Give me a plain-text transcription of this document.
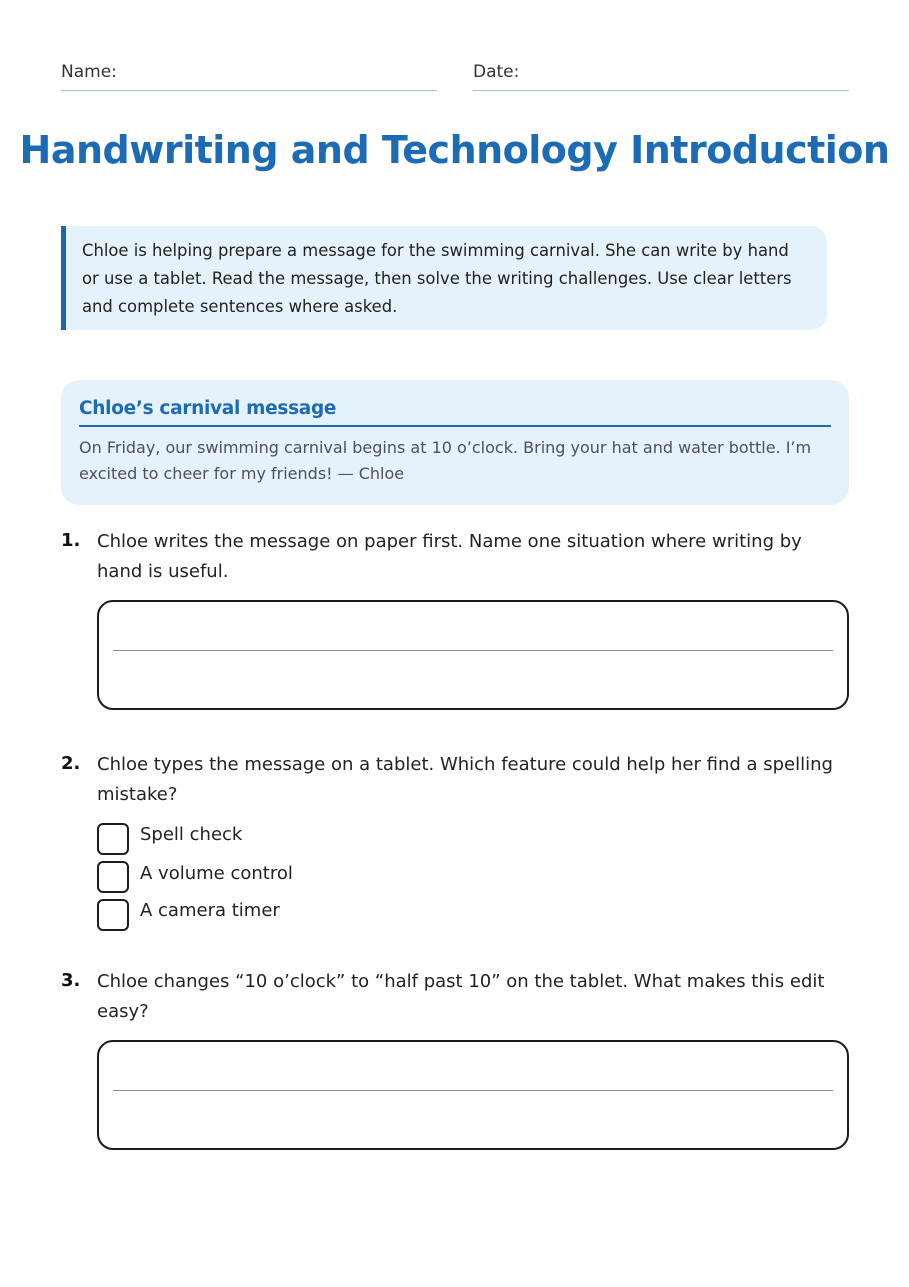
Name:	Date:
Handwriting and Technology Introduction
Chloe is helping prepare a message for the swimming carnival. She can write by hand or use a tablet. Read the message, then solve the writing challenges. Use clear letters and complete sentences where asked.
Chloe’s carnival message
On Friday, our swimming carnival begins at 10 o’clock. Bring your hat and water bottle. I’m excited to cheer for my friends! — Chloe
1. Chloe writes the message on paper first. Name one situation where writing by hand is useful.
2. Chloe types the message on a tablet. Which feature could help her find a spelling mistake?
Spell check
A volume control
A camera timer
3. Chloe changes “10 o’clock” to “half past 10” on the tablet. What makes this edit easy?
